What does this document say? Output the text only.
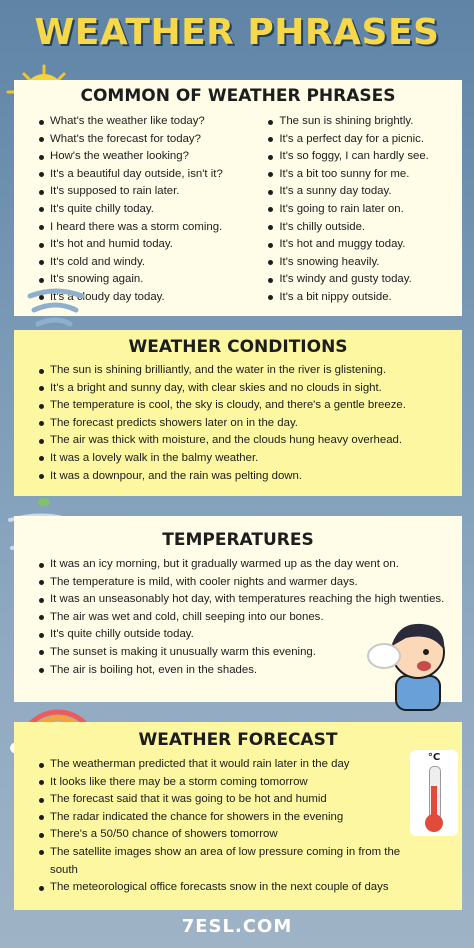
WEATHER PHRASES
COMMON OF WEATHER PHRASES
What's the weather like today?
What's the forecast for today?
How's the weather looking?
It's a beautiful day outside, isn't it?
It's supposed to rain later.
It's quite chilly today.
I heard there was a storm coming.
It's hot and humid today.
It's cold and windy.
It's snowing again.
It's a cloudy day today.
The sun is shining brightly.
It's a perfect day for a picnic.
It's so foggy, I can hardly see.
It's a bit too sunny for me.
It's a sunny day today.
It's going to rain later on.
It's chilly outside.
It's hot and muggy today.
It's snowing heavily.
It's windy and gusty today.
It's a bit nippy outside.
WEATHER CONDITIONS
The sun is shining brilliantly, and the water in the river is glistening.
It's a bright and sunny day, with clear skies and no clouds in sight.
The temperature is cool, the sky is cloudy, and there's a gentle breeze.
The forecast predicts showers later on in the day.
The air was thick with moisture, and the clouds hung heavy overhead.
It was a lovely walk in the balmy weather.
It was a downpour, and the rain was pelting down.
TEMPERATURES
It was an icy morning, but it gradually warmed up as the day went on.
The temperature is mild, with cooler nights and warmer days.
It was an unseasonably hot day, with temperatures reaching the high twenties.
The air was wet and cold, chill seeping into our bones.
It's quite chilly outside today.
The sunset is making it unusually warm this evening.
The air is boiling hot, even in the shades.
WEATHER FORECAST
The weatherman predicted that it would rain later in the day
It looks like there may be a storm coming tomorrow
The forecast said that it was going to be hot and humid
The radar indicated the chance for showers in the evening
There's a 50/50 chance of showers tomorrow
The satellite images show an area of low pressure coming in from the south
The meteorological office forecasts snow in the next couple of days
°C
7ESL.COM
